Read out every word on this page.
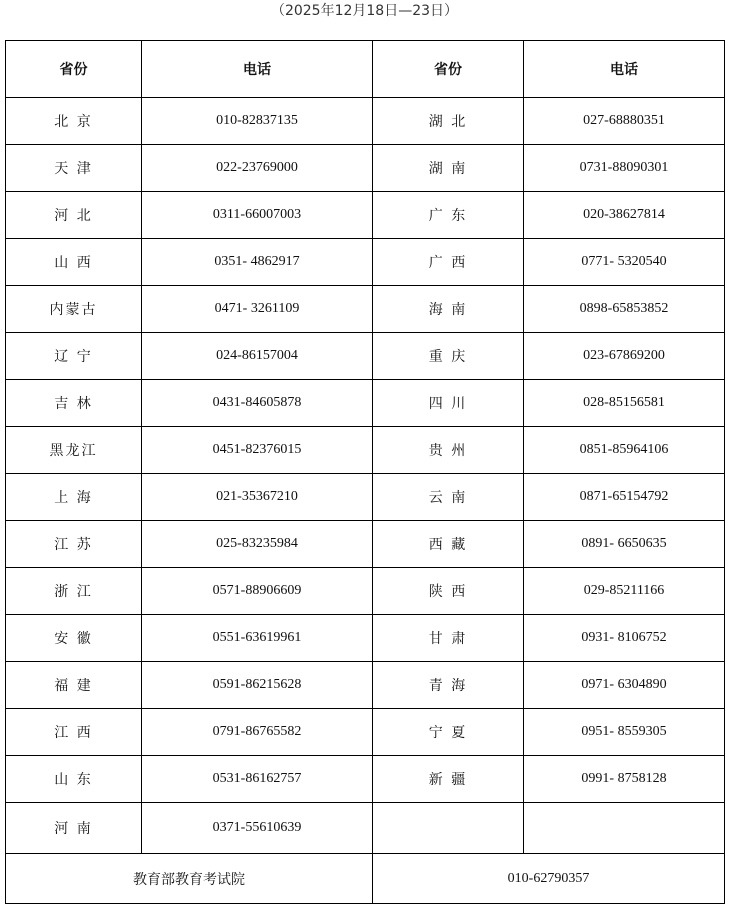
（2025年12月18日—23日）
省份	电话	省份	电话
北 京	010-82837135	湖 北	027-68880351
天 津	022-23769000	湖 南	0731-88090301
河 北	0311-66007003	广 东	020-38627814
山 西	0351- 4862917	广 西	0771- 5320540
内蒙古	0471- 3261109	海 南	0898-65853852
辽 宁	024-86157004	重 庆	023-67869200
吉 林	0431-84605878	四 川	028-85156581
黑龙江	0451-82376015	贵 州	0851-85964106
上 海	021-35367210	云 南	0871-65154792
江 苏	025-83235984	西 藏	0891- 6650635
浙 江	0571-88906609	陕 西	029-85211166
安 徽	0551-63619961	甘 肃	0931- 8106752
福 建	0591-86215628	青 海	0971- 6304890
江 西	0791-86765582	宁 夏	0951- 8559305
山 东	0531-86162757	新 疆	0991- 8758128
河 南	0371-55610639		
教育部教育考试院		010-62790357	
